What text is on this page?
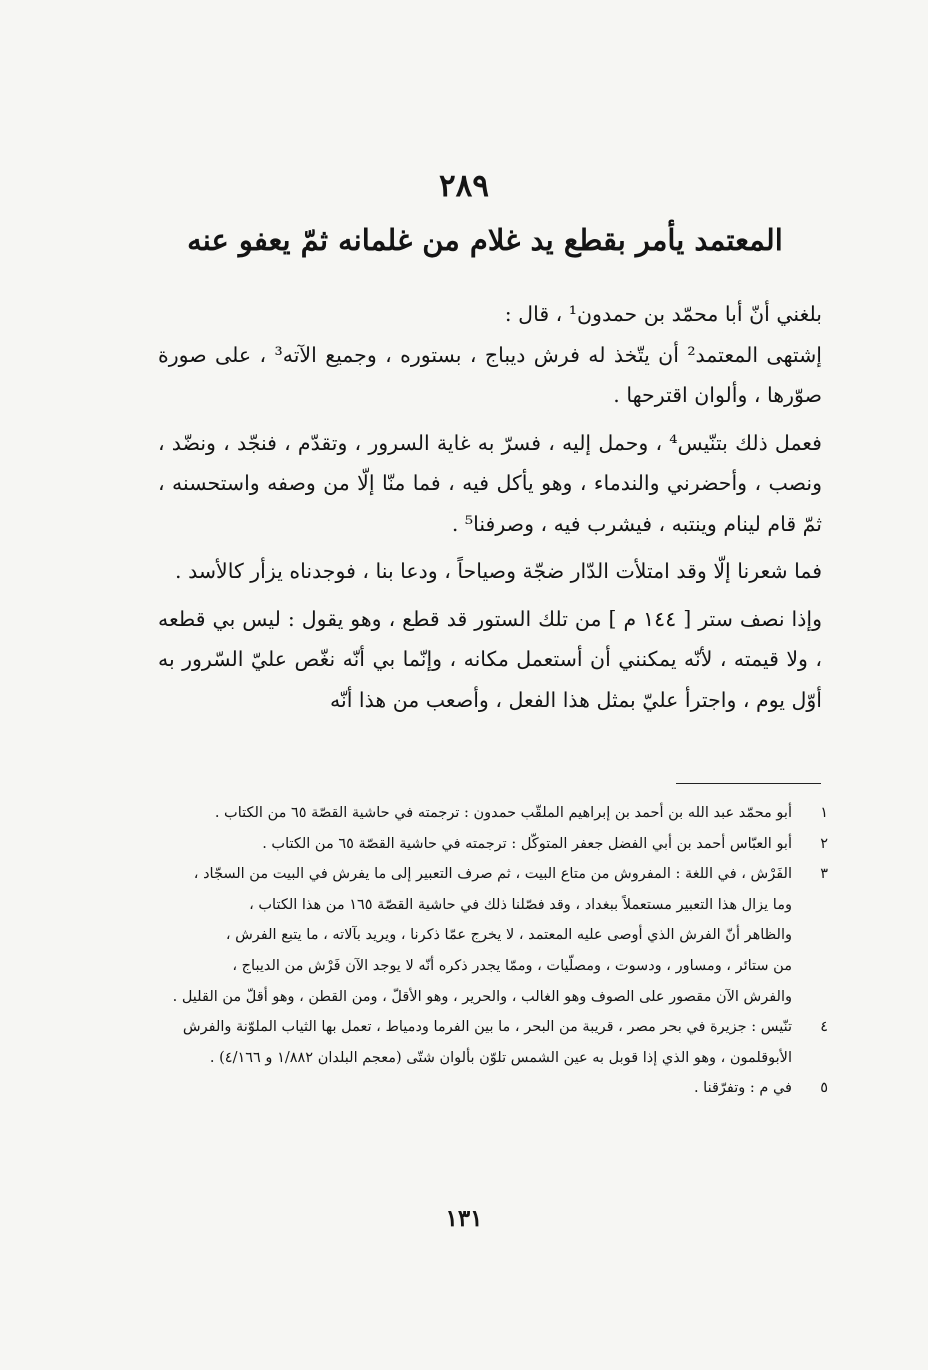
٢٨٩
المعتمد يأمر بقطع يد غلام من غلمانه ثمّ يعفو عنه

بلغني أنّ أبا محمّد بن حمدون¹ ، قال :

إشتهى المعتمد² أن يتّخذ له فرش ديباج ، بستوره ، وجميع الآته³ ، على صورة صوّرها ، وألوان اقترحها .

فعمل ذلك بتنّيس⁴ ، وحمل إليه ، فسرّ به غاية السرور ، وتقدّم ، فنجّد ، ونضّد ، ونصب ، وأحضرني والندماء ، وهو يأكل فيه ، فما منّا إلّا من وصفه واستحسنه ، ثمّ قام لينام وينتبه ، فيشرب فيه ، وصرفنا⁵ .

فما شعرنا إلّا وقد امتلأت الدّار ضجّة وصياحاً ، ودعا بنا ، فوجدناه يزأر كالأسد .

وإذا نصف ستر [ ١٤٤ م ] من تلك الستور قد قطع ، وهو يقول : ليس بي قطعه ، ولا قيمته ، لأنّه يمكنني أن أستعمل مكانه ، وإنّما بي أنّه نغّص عليّ السّرور به أوّل يوم ، واجترأ عليّ بمثل هذا الفعل ، وأصعب من هذا أنّه

١
أبو محمّد عبد الله بن أحمد بن إبراهيم الملقّب حمدون : ترجمته في حاشية القصّة ٦٥ من الكتاب .
٢
أبو العبّاس أحمد بن أبي الفضل جعفر المتوكّل : ترجمته في حاشية القصّة ٦٥ من الكتاب .
٣
الفَرْش ، في اللغة : المفروش من متاع البيت ، ثم صرف التعبير إلى ما يفرش في البيت من السجّاد ،
وما يزال هذا التعبير مستعملاً ببغداد ، وقد فصّلنا ذلك في حاشية القصّة ١٦٥ من هذا الكتاب ،
والظاهر أنّ الفرش الذي أوصى عليه المعتمد ، لا يخرج عمّا ذكرنا ، ويريد بآلاته ، ما يتبع الفرش ،
من ستائر ، ومساور ، ودسوت ، ومصلّيات ، وممّا يجدر ذكره أنّه لا يوجد الآن فَرْش من الديباج ،
والفرش الآن مقصور على الصوف وهو الغالب ، والحرير ، وهو الأقلّ ، ومن القطن ، وهو أقلّ من القليل .
٤
تنّيس : جزيرة في بحر مصر ، قريبة من البحر ، ما بين الفرما ودمياط ، تعمل بها الثياب الملوّنة والفرش
الأبوقلمون ، وهو الذي إذا قوبل به عين الشمس تلوّن بألوان شتّى (معجم البلدان ١/٨٨٢ و ٤/١٦٦) .
٥
في م : وتفرّقنا .
١٣١
